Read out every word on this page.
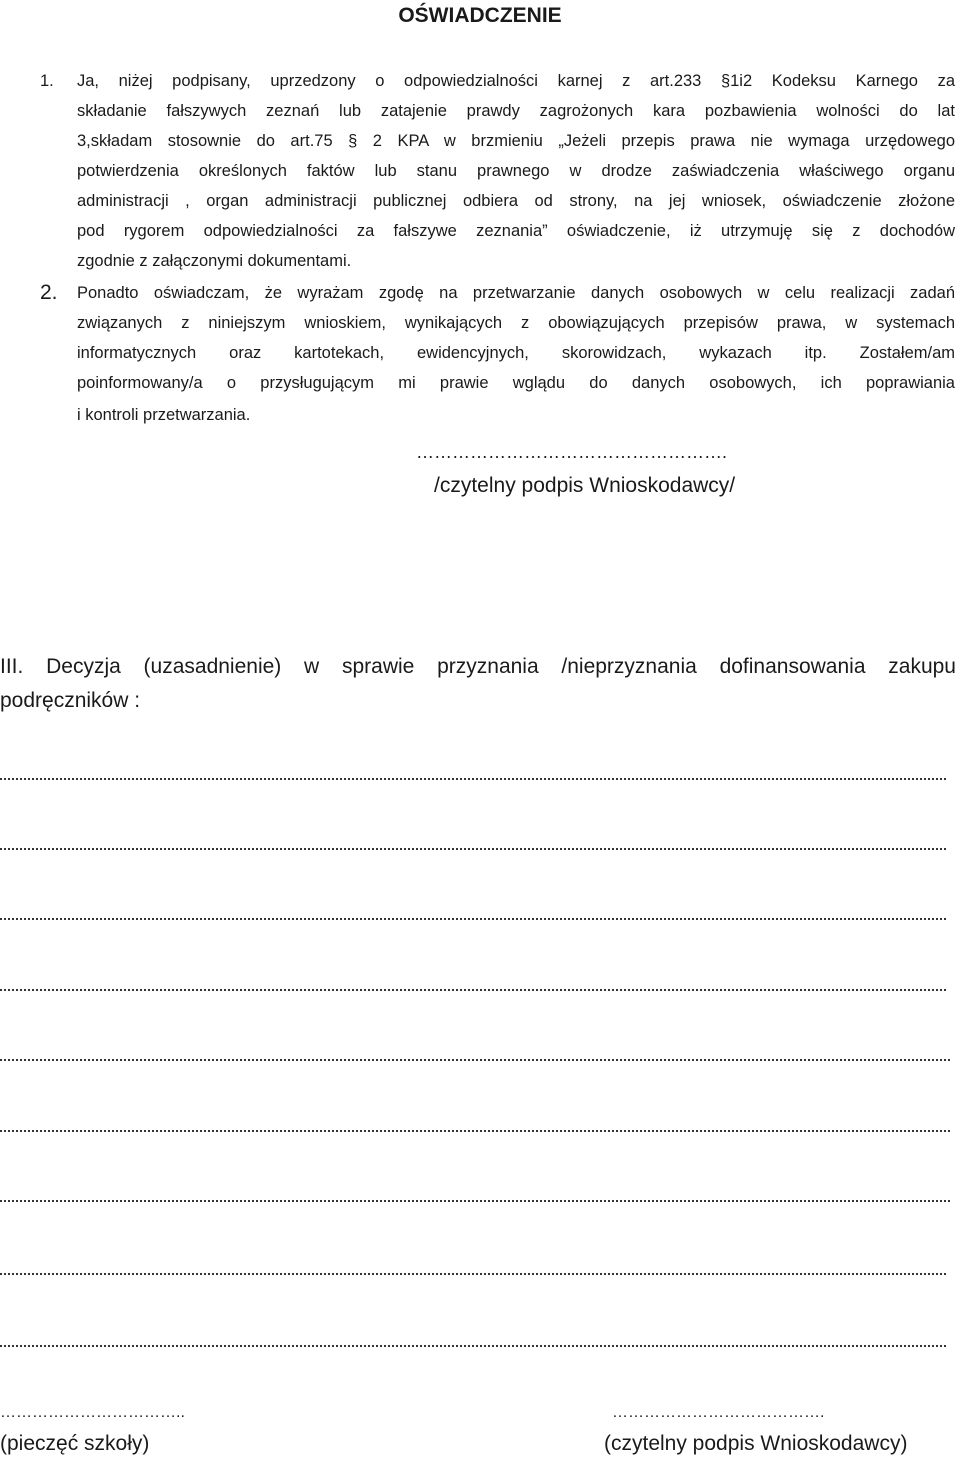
OŚWIADCZENIE
1. Ja, niżej podpisany, uprzedzony o odpowiedzialności karnej z art.233 §1i2 Kodeksu Karnego za
składanie fałszywych zeznań lub zatajenie prawdy zagrożonych kara pozbawienia wolności do lat
3,składam stosownie do art.75 § 2 KPA w brzmieniu „Jeżeli przepis prawa nie wymaga urzędowego
potwierdzenia określonych faktów lub stanu prawnego w drodze zaświadczenia właściwego organu
administracji , organ administracji publicznej odbiera od strony, na jej wniosek, oświadczenie złożone
pod rygorem odpowiedzialności za fałszywe zeznania” oświadczenie, iż utrzymuję się z dochodów
zgodnie z załączonymi dokumentami.
2. Ponadto oświadczam, że wyrażam zgodę na przetwarzanie danych osobowych w celu realizacji zadań
związanych z niniejszym wnioskiem, wynikających z obowiązujących przepisów prawa, w systemach
informatycznych oraz kartotekach, ewidencyjnych, skorowidzach, wykazach itp. Zostałem/am
poinformowany/a o przysługującym mi prawie wglądu do danych osobowych, ich poprawiania
i kontroli przetwarzania.
…………………………………………….
/czytelny podpis Wnioskodawcy/
III. Decyzja (uzasadnienie) w sprawie przyznania /nieprzyznania dofinansowania zakupu
podręczników :
……………………………..
(pieczęć szkoły)
………………………………….
(czytelny podpis Wnioskodawcy)
